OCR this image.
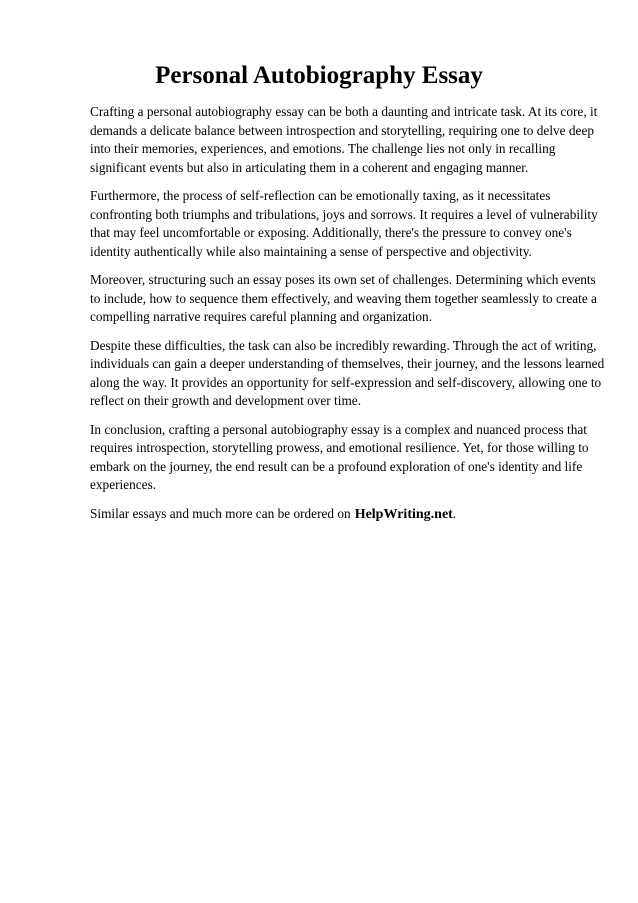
Personal Autobiography Essay

Crafting a personal autobiography essay can be both a daunting and intricate task. At its core, it
demands a delicate balance between introspection and storytelling, requiring one to delve deep
into their memories, experiences, and emotions. The challenge lies not only in recalling
significant events but also in articulating them in a coherent and engaging manner.

Furthermore, the process of self-reflection can be emotionally taxing, as it necessitates
confronting both triumphs and tribulations, joys and sorrows. It requires a level of vulnerability
that may feel uncomfortable or exposing. Additionally, there's the pressure to convey one's
identity authentically while also maintaining a sense of perspective and objectivity.

Moreover, structuring such an essay poses its own set of challenges. Determining which events
to include, how to sequence them effectively, and weaving them together seamlessly to create a
compelling narrative requires careful planning and organization.

Despite these difficulties, the task can also be incredibly rewarding. Through the act of writing,
individuals can gain a deeper understanding of themselves, their journey, and the lessons learned
along the way. It provides an opportunity for self-expression and self-discovery, allowing one to
reflect on their growth and development over time.

In conclusion, crafting a personal autobiography essay is a complex and nuanced process that
requires introspection, storytelling prowess, and emotional resilience. Yet, for those willing to
embark on the journey, the end result can be a profound exploration of one's identity and life
experiences.

Similar essays and much more can be ordered on HelpWriting.net.
